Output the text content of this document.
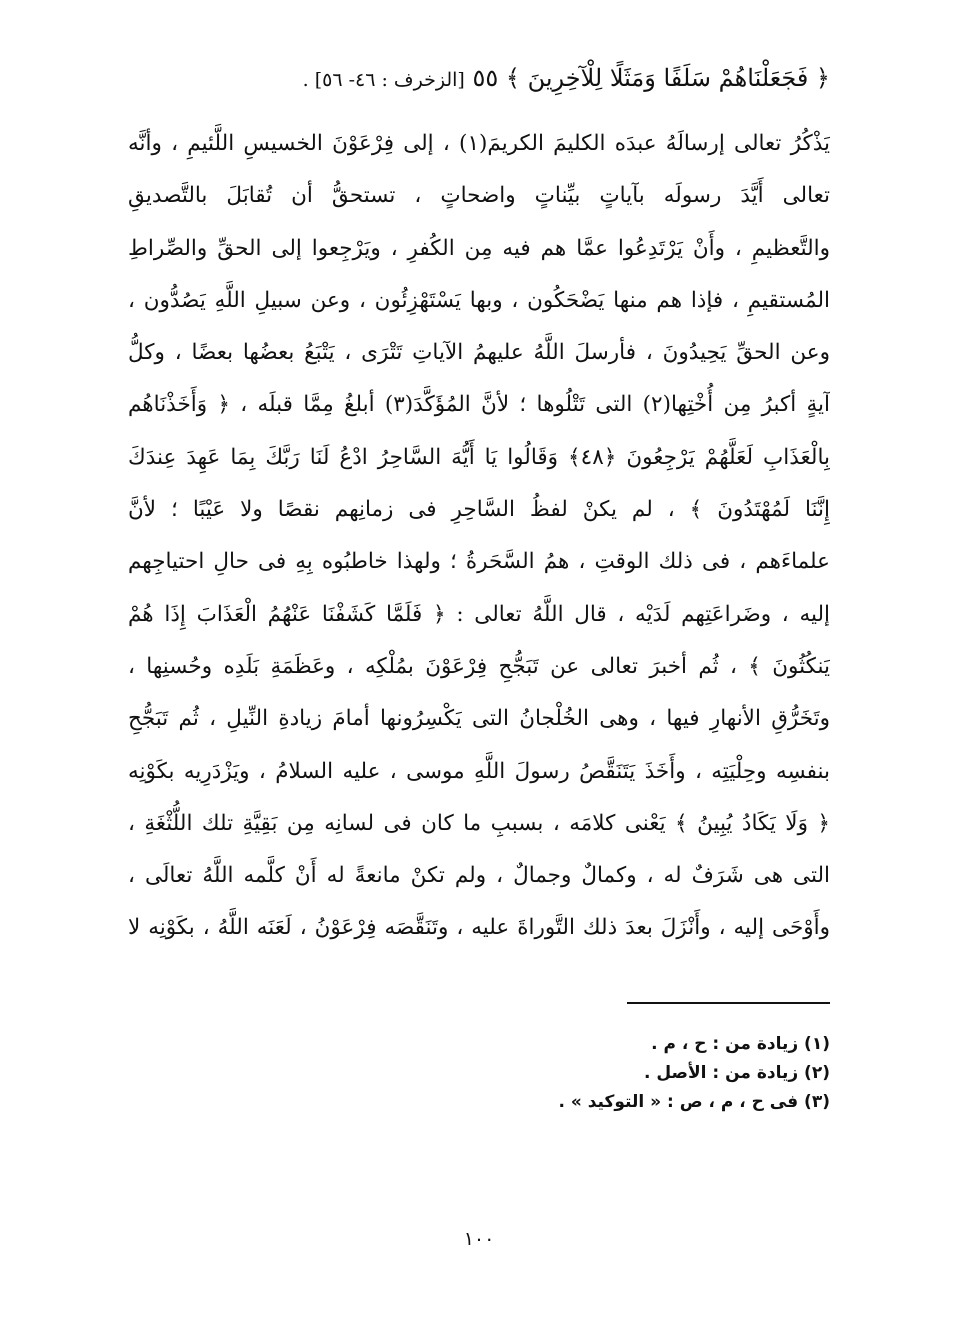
﴿ فَجَعَلْنَاهُمْ سَلَفًا وَمَثَلًا لِلْآخِرِينَ ﴾ ٥٥ [الزخرف : ٤٦- ٥٦] .
يَذْكُرُ تعالى إرسالَهُ عبدَه الكليمَ الكريمَ(١) ، إلى فِرْعَوْنَ الخسيسِ اللَّئيمِ ، وأنَّه
تعالى أَيَّدَ رسولَه بآياتٍ بيِّناتٍ واضحاتٍ ، تستحقُّ أن تُقابَلَ بالتَّصديقِ
والتَّعظيمِ ، وأَنْ يَرْتَدِعُوا عمَّا هم فيه مِن الكُفرِ ، ويَرْجِعوا إلى الحقِّ والصِّراطِ
المُستقيمِ ، فإذا هم منها يَضْحَكُون ، وبها يَسْتَهْزِئُون ، وعن سبيلِ اللَّهِ يَصُدُّون ،
وعن الحقِّ يَحِيدُونَ ، فأرسلَ اللَّهُ عليهمُ الآياتِ تَتْرَى ، يَتْبَعُ بعضُها بعضًا ، وكلُّ
آيةٍ أكبرُ مِن أُخْتِها(٢) التى تَتْلُوها ؛ لأنَّ المُؤَكَّدَ(٣) أبلغُ مِمَّا قبلَه ، ﴿ وَأَخَذْنَاهُم
بِالْعَذَابِ لَعَلَّهُمْ يَرْجِعُونَ ﴿٤٨﴾ وَقَالُوا يَا أَيُّهَ السَّاحِرُ ادْعُ لَنَا رَبَّكَ بِمَا عَهِدَ عِندَكَ
إِنَّنَا لَمُهْتَدُونَ ﴾ ، لم يكنْ لفظُ السَّاحِرِ فى زمانِهم نقصًا ولا عَيْبًا ؛ لأنَّ
علماءَهم ، فى ذلك الوقتِ ، همُ السَّحَرةُ ؛ ولهذا خاطبُوه بِهِ فى حالِ احتياجِهم
إليه ، وضَراعَتِهم لَدَيْه ، قال اللَّهُ تعالى : ﴿ فَلَمَّا كَشَفْنَا عَنْهُمُ الْعَذَابَ إِذَا هُمْ
يَنكُثُونَ ﴾ ، ثُم أخبرَ تعالى عن تَبَجُّحِ فِرْعَوْنَ بمُلْكِه ، وعَظَمَةِ بَلَدِه وحُسنِها ،
وتَخَرُّقِ الأنهارِ فيها ، وهى الخُلْجانُ التى يَكْسِرُونها أمامَ زيادةِ النِّيلِ ، ثُم تَبَجُّحِ
بنفسِه وحِلْيَتِه ، وأَخَذَ يَتَنَقَّصُ رسولَ اللَّهِ موسى ، عليه السلامُ ، ويَزْدَرِيه بكَوْنِه
﴿ وَلَا يَكَادُ يُبِينُ ﴾ يَعْنى كلامَه ، بسببِ ما كان فى لسانِه مِن بَقِيَّةِ تلك اللُّثْغَةِ ،
التى هى شَرَفٌ له ، وكمالٌ وجمالٌ ، ولم تكنْ مانعةً له أَنْ كلَّمه اللَّهُ تعالَى ،
وأَوْحَى إليه ، وأَنْزَلَ بعدَ ذلك التَّوراةَ عليه ، وتَنَقَّصَه فِرْعَوْنُ ، لَعَنَه اللَّهُ ، بكَوْنِه لا
(١) زيادة من : ح ، م .
(٢) زيادة من : الأصل .
(٣) فى ح ، م ، ص : « التوكيد » .
١٠٠
